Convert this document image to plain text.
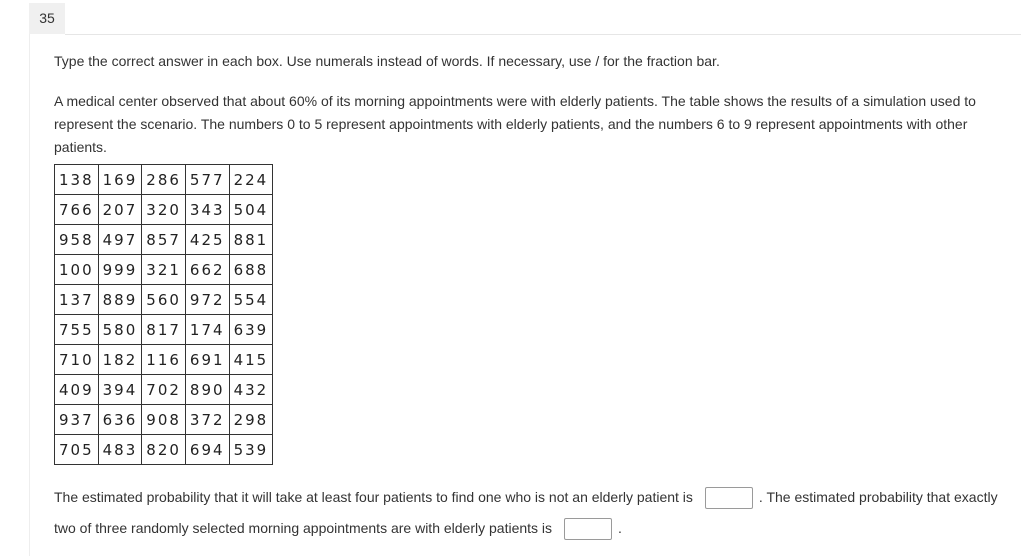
35

Type the correct answer in each box. Use numerals instead of words. If necessary, use / for the fraction bar.

A medical center observed that about 60% of its morning appointments were with elderly patients. The table shows the results of a simulation used to represent the scenario. The numbers 0 to 5 represent appointments with elderly patients, and the numbers 6 to 9 represent appointments with other patients.

138	169	286	577	224
766	207	320	343	504
958	497	857	425	881
100	999	321	662	688
137	889	560	972	554
755	580	817	174	639
710	182	116	691	415
409	394	702	890	432
937	636	908	372	298
705	483	820	694	539

The estimated probability that it will take at least four patients to find one who is not an elderly patient is	. The estimated probability that exactly two of three randomly selected morning appointments are with elderly patients is	.
